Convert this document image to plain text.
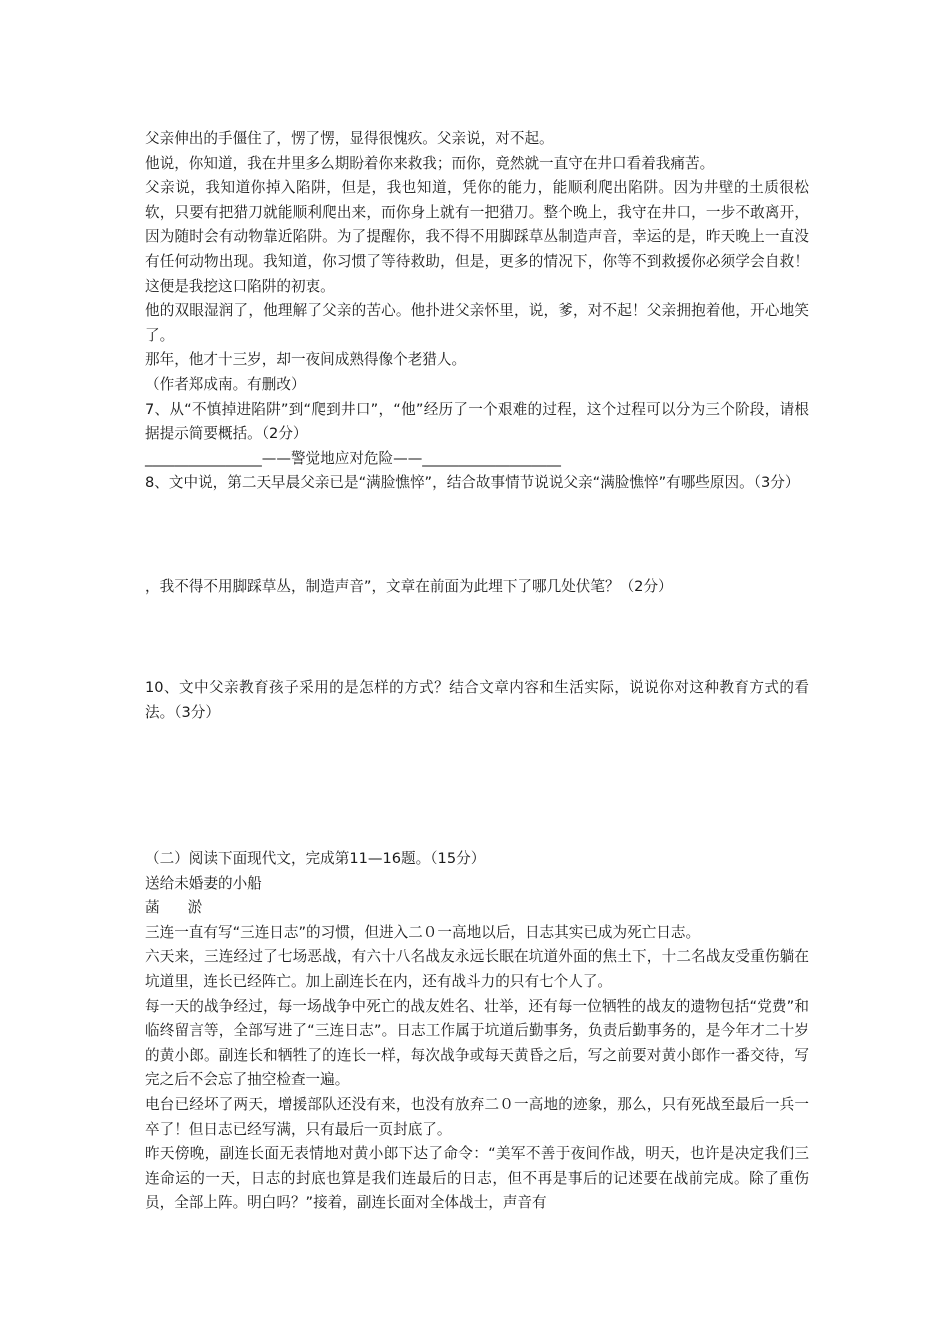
父亲伸出的手僵住了，愣了愣，显得很愧疚。父亲说，对不起。

他说，你知道，我在井里多么期盼着你来救我；而你，竟然就一直守在井口看着我痛苦。

父亲说，我知道你掉入陷阱，但是，我也知道，凭你的能力，能顺利爬出陷阱。因为井壁的土质很松软，只要有把猎刀就能顺利爬出来，而你身上就有一把猎刀。整个晚上，我守在井口，一步不敢离开，因为随时会有动物靠近陷阱。为了提醒你，我不得不用脚踩草丛制造声音，幸运的是，昨天晚上一直没有任何动物出现。我知道，你习惯了等待救助，但是，更多的情况下，你等不到救援你必须学会自救！这便是我挖这口陷阱的初衷。

他的双眼湿润了，他理解了父亲的苦心。他扑进父亲怀里，说，爹，对不起！父亲拥抱着他，开心地笑了。

那年，他才十三岁，却一夜间成熟得像个老猎人。

（作者郑成南。有删改）

7、从“不慎掉进陷阱”到“爬到井口”，“他”经历了一个艰难的过程，这个过程可以分为三个阶段，请根据提示简要概括。（2分）

________________——警觉地应对危险——___________________

8、文中说，第二天早晨父亲已是“满脸憔悴”，结合故事情节说说父亲“满脸憔悴”有哪些原因。（3分）

，我不得不用脚踩草丛，制造声音”，文章在前面为此埋下了哪几处伏笔？（2分）

10、文中父亲教育孩子采用的是怎样的方式？结合文章内容和生活实际，说说你对这种教育方式的看法。（3分）

（二）阅读下面现代文，完成第11—16题。（15分）

送给未婚妻的小船

菡 淤

三连一直有写“三连日志”的习惯，但进入二０一高地以后，日志其实已成为死亡日志。

六天来，三连经过了七场恶战，有六十八名战友永远长眠在坑道外面的焦土下，十二名战友受重伤躺在坑道里，连长已经阵亡。加上副连长在内，还有战斗力的只有七个人了。

每一天的战争经过，每一场战争中死亡的战友姓名、壮举，还有每一位牺牲的战友的遗物包括“党费”和临终留言等，全部写进了“三连日志”。日志工作属于坑道后勤事务，负责后勤事务的，是今年才二十岁的黄小郎。副连长和牺牲了的连长一样，每次战争或每天黄昏之后，写之前要对黄小郎作一番交待，写完之后不会忘了抽空检查一遍。

电台已经坏了两天，增援部队还没有来，也没有放弃二０一高地的迹象，那么，只有死战至最后一兵一卒了！但日志已经写满，只有最后一页封底了。

昨天傍晚，副连长面无表情地对黄小郎下达了命令：“美军不善于夜间作战，明天，也许是决定我们三连命运的一天，日志的封底也算是我们连最后的日志，但不再是事后的记述要在战前完成。除了重伤员，全部上阵。明白吗？”接着，副连长面对全体战士，声音有
